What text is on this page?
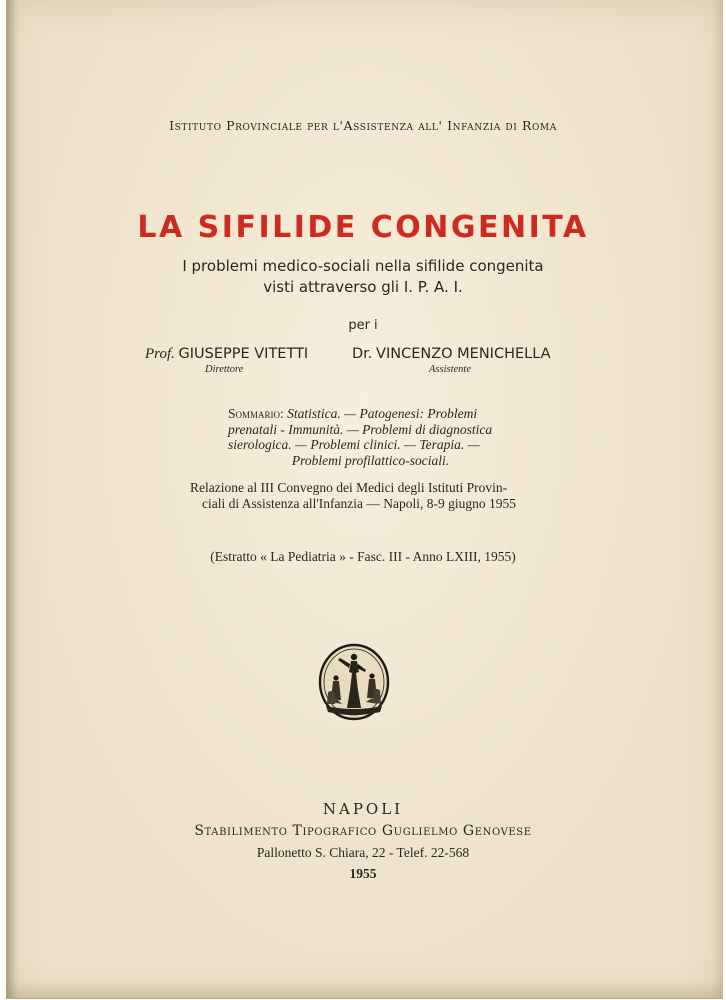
Istituto Provinciale per l'Assistenza all' Infanzia di Roma
LA SIFILIDE CONGENITA
I problemi medico-sociali nella sifilide congenita
visti attraverso gli I. P. A. I.
per i
Prof. GIUSEPPE VITETTI
Direttore
Dr. VINCENZO MENICHELLA
Assistente
Sommario: Statistica. — Patogenesi: Problemi
prenatali - Immunità. — Problemi di diagnostica
sierologica. — Problemi clinici. — Terapia. —
Problemi profilattico-sociali.
Relazione al III Convegno dei Medici degli Istituti Provin-
ciali di Assistenza all'Infanzia — Napoli, 8-9 giugno 1955
(Estratto « La Pediatria » - Fasc. III - Anno LXIII, 1955)
NAPOLI
Stabilimento Tipografico Guglielmo Genovese
Pallonetto S. Chiara, 22 - Telef. 22-568
1955
